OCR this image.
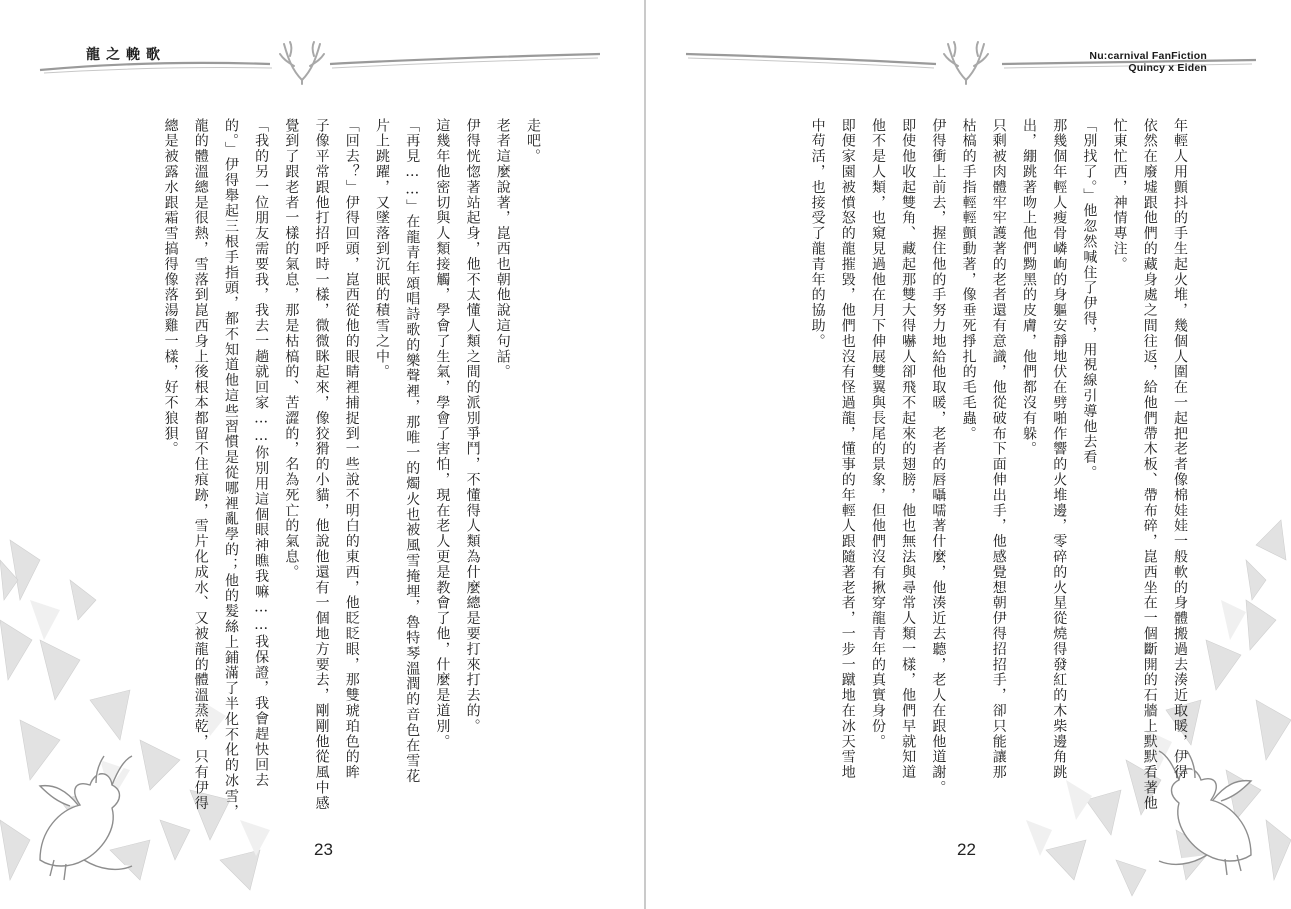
龍之輓歌

走吧。

老者這麼說著，崑西也朝他說這句話。

伊得恍惚著站起身，他不太懂人類之間的派別爭鬥，不懂得人類為什麼總是要打來打去的。

這幾年他密切與人類接觸，學會了生氣，學會了害怕，現在老人更是教會了他，什麼是道別。

「再見……」在龍青年頌唱詩歌的樂聲裡，那唯一的燭火也被風雪掩埋，魯特琴溫潤的音色在雪花

片上跳躍，又墜落到沉眠的積雪之中。

「回去？」伊得回頭，崑西從他的眼睛裡捕捉到一些說不明白的東西，他眨眨眼，那雙琥珀色的眸

子像平常跟他打招呼時一樣，微微眯起來，像狡猾的小貓，他說他還有一個地方要去，剛剛他從風中感

覺到了跟老者一樣的氣息，那是枯槁的、苦澀的，名為死亡的氣息。

「我的另一位朋友需要我，我去一趟就回家……你別用這個眼神瞧我嘛……我保證，我會趕快回去

的。」伊得舉起三根手指頭，都不知道他這些習慣是從哪裡亂學的；他的髮絲上鋪滿了半化不化的冰雪，

龍的體溫總是很熱，雪落到崑西身上後根本都留不住痕跡，雪片化成水、又被龍的體溫蒸乾，只有伊得

總是被露水跟霜雪搞得像落湯雞一樣，好不狼狽。

23
Nu:carnival FanFiction
Quincy x Eiden

年輕人用顫抖的手生起火堆，幾個人圍在一起把老者像棉娃娃一般軟的身體搬過去湊近取暖，伊得

依然在廢墟跟他們的藏身處之間往返，給他們帶木板、帶布碎，崑西坐在一個斷開的石牆上默默看著他

忙東忙西，神情專注。

「別找了。」他忽然喊住了伊得，用視線引導他去看。

那幾個年輕人瘦骨嶙峋的身軀安靜地伏在劈啪作響的火堆邊，零碎的火星從燒得發紅的木柴邊角跳

出，綳跳著吻上他們黝黑的皮膚，他們都沒有躲。

只剩被肉體牢牢護著的老者還有意識，他從破布下面伸出手，他感覺想朝伊得招招手，卻只能讓那

枯槁的手指輕輕顫動著，像垂死掙扎的毛毛蟲。

伊得衝上前去，握住他的手努力地給他取暖，老者的唇囁嚅著什麼，他湊近去聽，老人在跟他道謝。

即使他收起雙角、藏起那雙大得嚇人卻飛不起來的翅膀，他也無法與尋常人類一樣，他們早就知道

他不是人類，也窺見過他在月下伸展雙翼與長尾的景象，但他們沒有揪穿龍青年的真實身份。

即便家園被憤怒的龍摧毀，他們也沒有怪過龍，懂事的年輕人跟隨著老者，一步一蹴地在冰天雪地

中苟活，也接受了龍青年的協助。

22
